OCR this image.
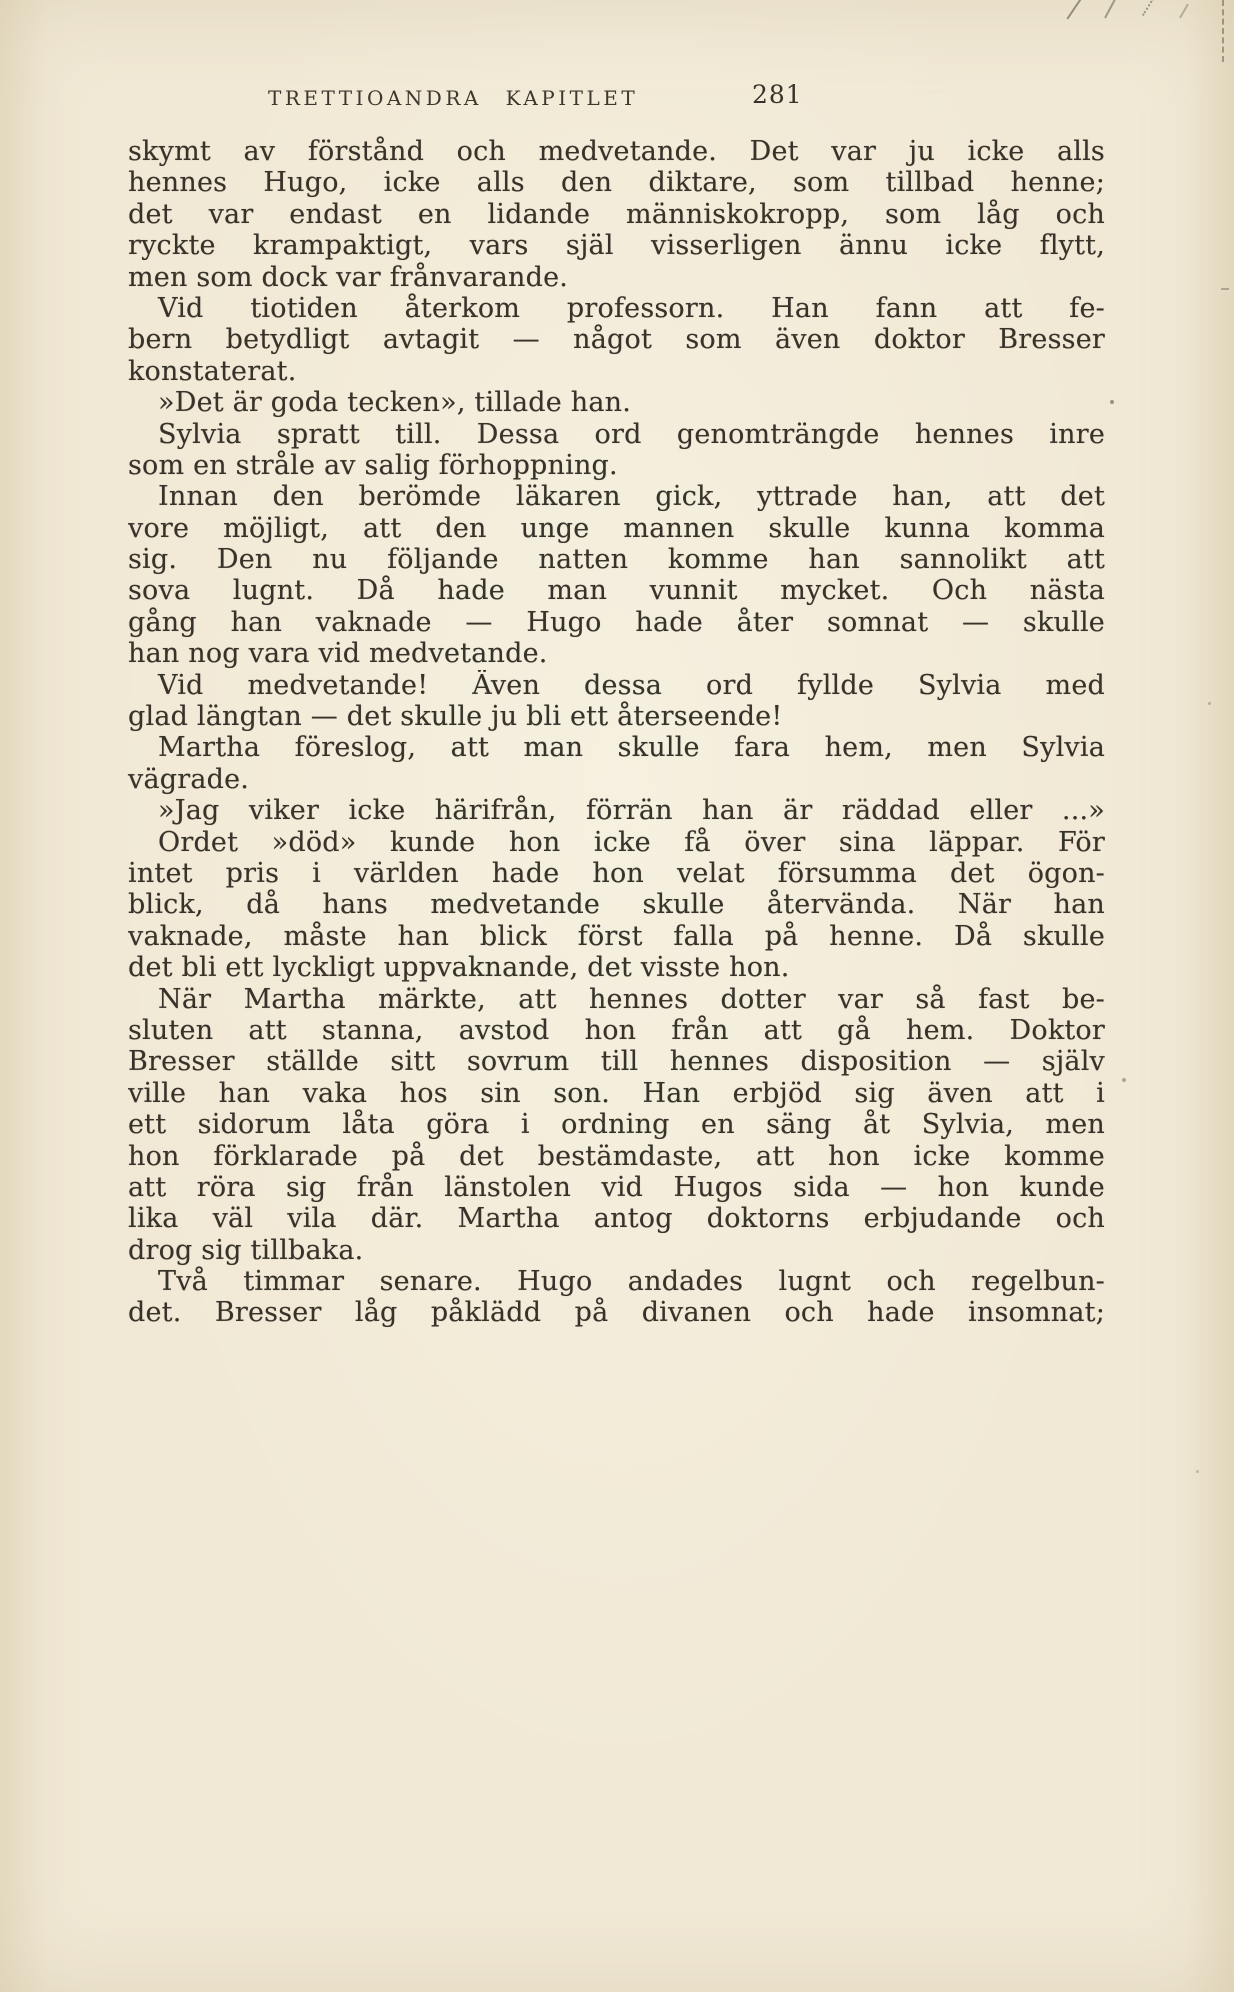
TRETTIOANDRA KAPITLET	281
skymt av förstånd och medvetande. Det var ju icke alls
hennes Hugo, icke alls den diktare, som tillbad henne;
det var endast en lidande människokropp, som låg och
ryckte krampaktigt, vars själ visserligen ännu icke flytt,
men som dock var frånvarande.
Vid tiotiden återkom professorn. Han fann att fe-
bern betydligt avtagit — något som även doktor Bresser
konstaterat.
»Det är goda tecken», tillade han.
Sylvia spratt till. Dessa ord genomträngde hennes inre
som en stråle av salig förhoppning.
Innan den berömde läkaren gick, yttrade han, att det
vore möjligt, att den unge mannen skulle kunna komma
sig. Den nu följande natten komme han sannolikt att
sova lugnt. Då hade man vunnit mycket. Och nästa
gång han vaknade — Hugo hade åter somnat — skulle
han nog vara vid medvetande.
Vid medvetande! Även dessa ord fyllde Sylvia med
glad längtan — det skulle ju bli ett återseende!
Martha föreslog, att man skulle fara hem, men Sylvia
vägrade.
»Jag viker icke härifrån, förrän han är räddad eller ...»
Ordet »död» kunde hon icke få över sina läppar. För
intet pris i världen hade hon velat försumma det ögon-
blick, då hans medvetande skulle återvända. När han
vaknade, måste han blick först falla på henne. Då skulle
det bli ett lyckligt uppvaknande, det visste hon.
När Martha märkte, att hennes dotter var så fast be-
sluten att stanna, avstod hon från att gå hem. Doktor
Bresser ställde sitt sovrum till hennes disposition — själv
ville han vaka hos sin son. Han erbjöd sig även att i
ett sidorum låta göra i ordning en säng åt Sylvia, men
hon förklarade på det bestämdaste, att hon icke komme
att röra sig från länstolen vid Hugos sida — hon kunde
lika väl vila där. Martha antog doktorns erbjudande och
drog sig tillbaka.
Två timmar senare. Hugo andades lugnt och regelbun-
det. Bresser låg påklädd på divanen och hade insomnat;
